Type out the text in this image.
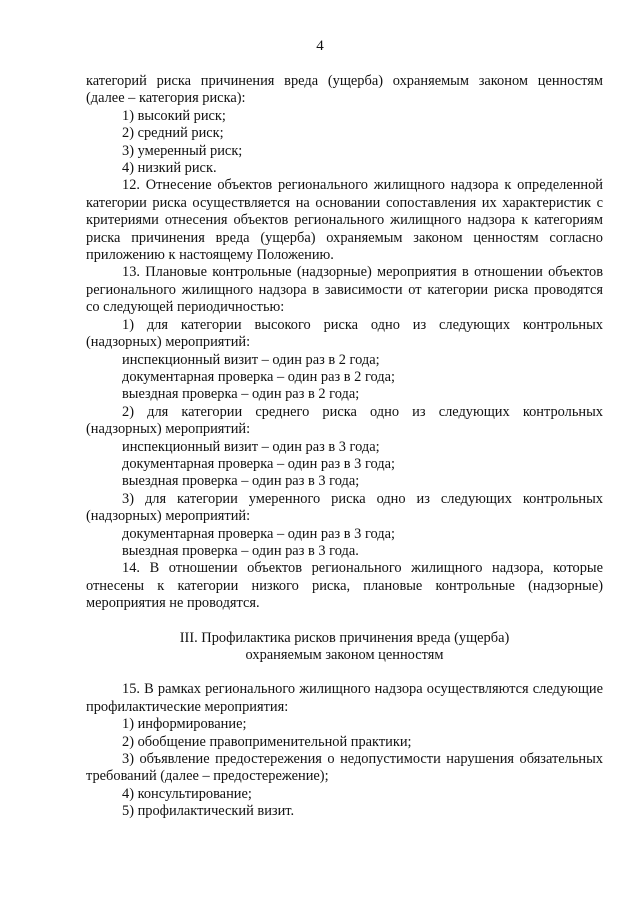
4

категорий риска причинения вреда (ущерба) охраняемым законом ценностям

(далее – категория риска):

1) высокий риск;

2) средний риск;

3) умеренный риск;

4) низкий риск.

12. Отнесение объектов регионального жилищного надзора к определенной категории риска осуществляется на основании сопоставления их характеристик с критериями отнесения объектов регионального жилищного надзора к категориям риска причинения вреда (ущерба) охраняемым законом ценностям согласно приложению к настоящему Положению.

13. Плановые контрольные (надзорные) мероприятия в отношении объектов регионального жилищного надзора в зависимости от категории риска проводятся со следующей периодичностью:

1) для категории высокого риска одно из следующих контрольных (надзорных) мероприятий:

инспекционный визит – один раз в 2 года;

документарная проверка – один раз в 2 года;

выездная проверка – один раз в 2 года;

2) для категории среднего риска одно из следующих контрольных (надзорных) мероприятий:

инспекционный визит – один раз в 3 года;

документарная проверка – один раз в 3 года;

выездная проверка – один раз в 3 года;

3) для категории умеренного риска одно из следующих контрольных (надзорных) мероприятий:

документарная проверка – один раз в 3 года;

выездная проверка – один раз в 3 года.

14. В отношении объектов регионального жилищного надзора, которые отнесены к категории низкого риска, плановые контрольные (надзорные) мероприятия не проводятся.

III. Профилактика рисков причинения вреда (ущерба)

охраняемым законом ценностям

15. В рамках регионального жилищного надзора осуществляются следующие профилактические мероприятия:

1) информирование;

2) обобщение правоприменительной практики;

3) объявление предостережения о недопустимости нарушения обязательных требований (далее – предостережение);

4) консультирование;

5) профилактический визит.
